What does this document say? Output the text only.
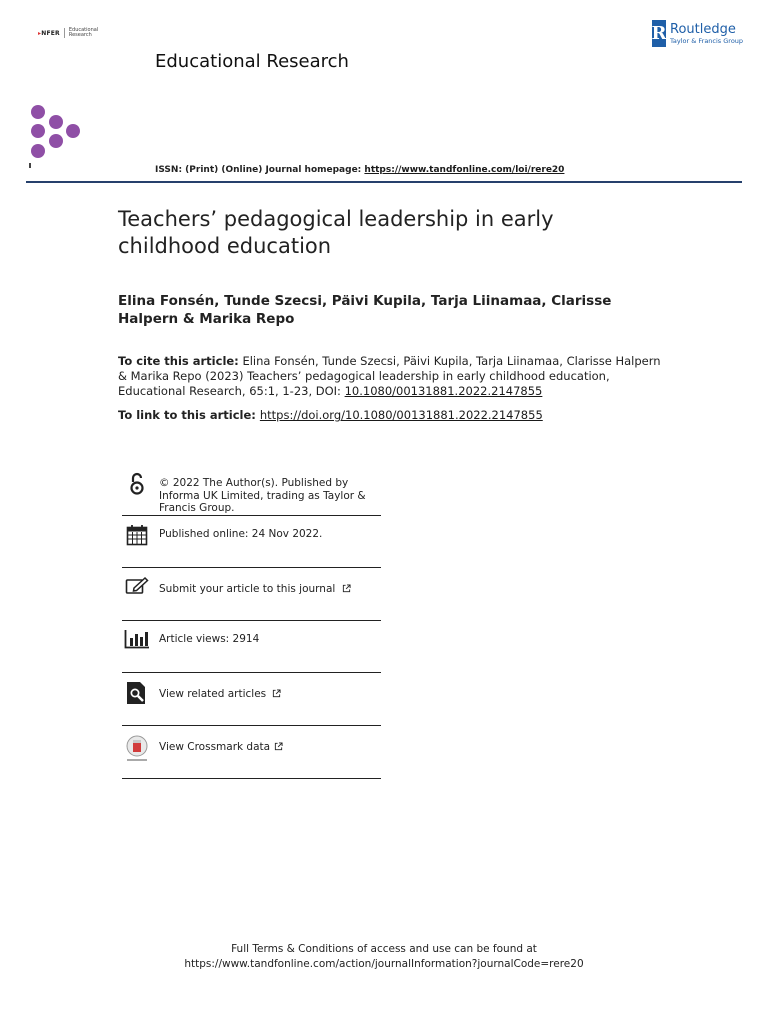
▸NFER Educational
Research
Educational Research
R Routledge
Taylor & Francis Group
ISSN: (Print) (Online) Journal homepage: https://www.tandfonline.com/loi/rere20
Teachers’ pedagogical leadership in early childhood education
Elina Fonsén, Tunde Szecsi, Päivi Kupila, Tarja Liinamaa, Clarisse Halpern & Marika Repo
To cite this article: Elina Fonsén, Tunde Szecsi, Päivi Kupila, Tarja Liinamaa, Clarisse Halpern & Marika Repo (2023) Teachers’ pedagogical leadership in early childhood education, Educational Research, 65:1, 1-23, DOI: 10.1080/00131881.2022.2147855
To link to this article: https://doi.org/10.1080/00131881.2022.2147855
© 2022 The Author(s). Published by Informa UK Limited, trading as Taylor & Francis Group.
Published online: 24 Nov 2022.
Submit your article to this journal
Article views: 2914
View related articles
View Crossmark data
Full Terms & Conditions of access and use can be found at
https://www.tandfonline.com/action/journalInformation?journalCode=rere20
